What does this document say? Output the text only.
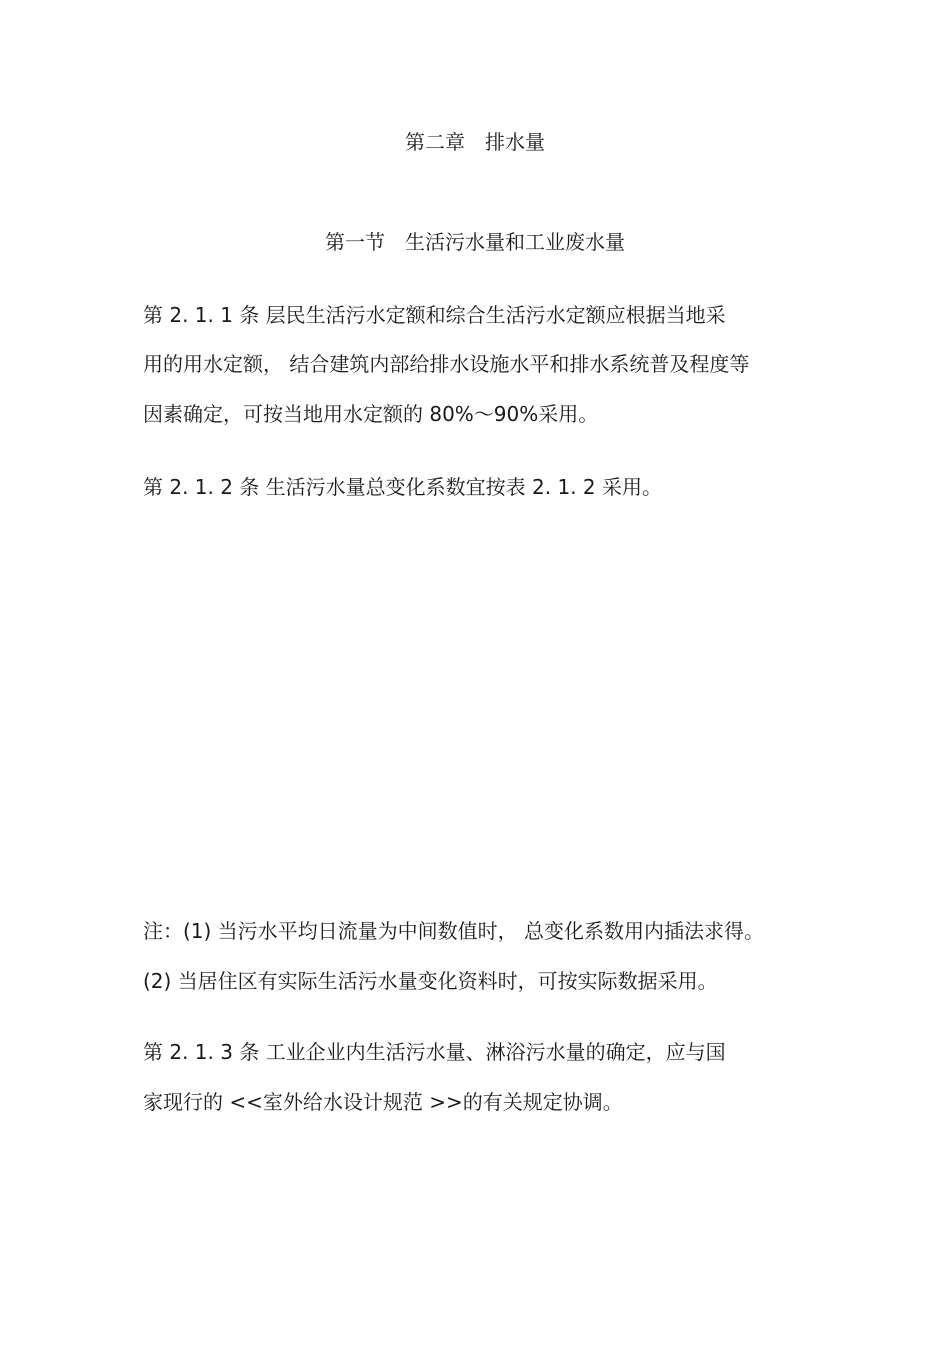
第二章　排水量
第一节　生活污水量和工业废水量

第 2. 1. 1 条 层民生活污水定额和综合生活污水定额应根据当地采

用的用水定额， 结合建筑内部给排水设施水平和排水系统普及程度等

因素确定，可按当地用水定额的 80%～90%采用。

第 2. 1. 2 条 生活污水量总变化系数宜按表 2. 1. 2 采用。

注：(1) 当污水平均日流量为中间数值时， 总变化系数用内插法求得。

(2) 当居住区有实际生活污水量变化资料时，可按实际数据采用。

第 2. 1. 3 条 工业企业内生活污水量、淋浴污水量的确定，应与国

家现行的 <<室外给水设计规范 >>的有关规定协调。
